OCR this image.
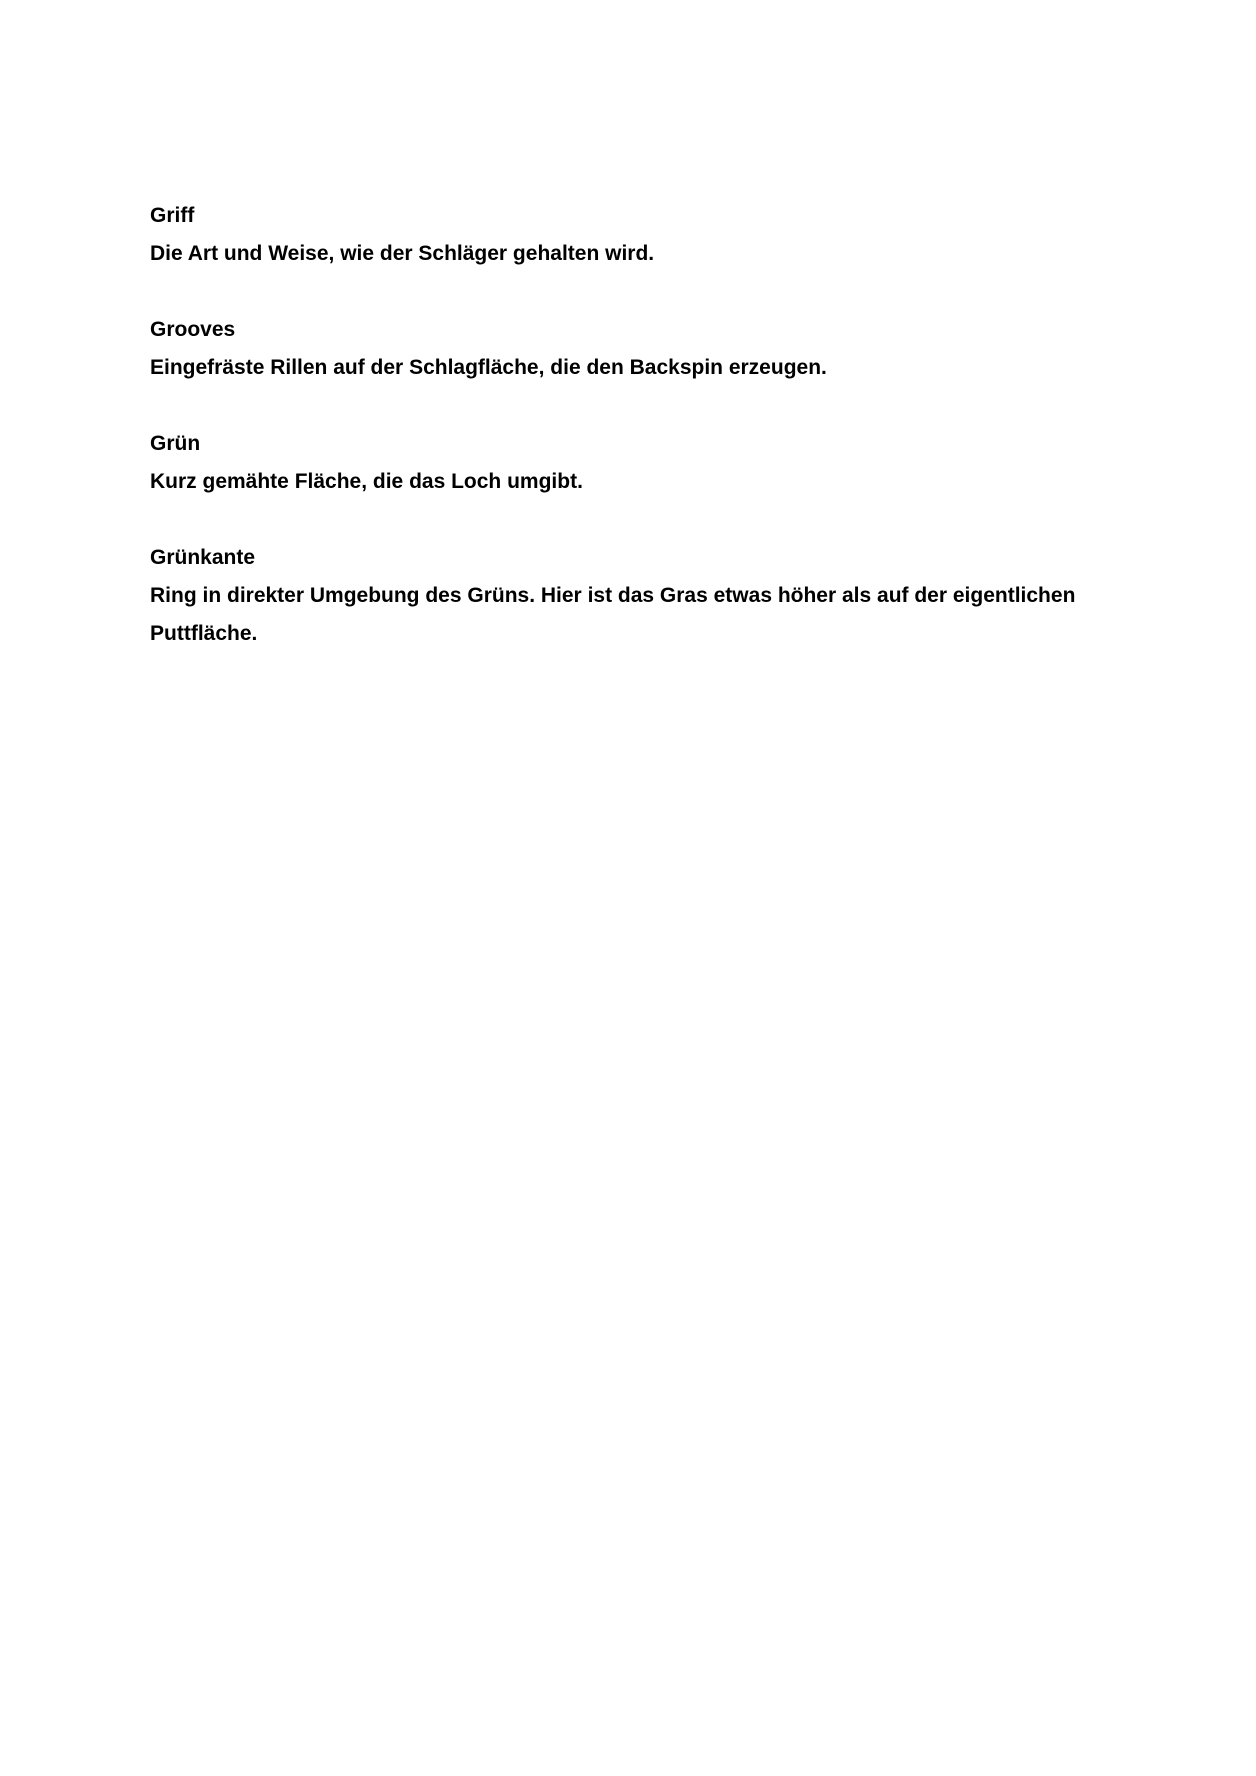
Griff

Die Art und Weise, wie der Schläger gehalten wird.

Grooves

Eingefräste Rillen auf der Schlagfläche, die den Backspin erzeugen.

Grün

Kurz gemähte Fläche, die das Loch umgibt.

Grünkante

Ring in direkter Umgebung des Grüns. Hier ist das Gras etwas höher als auf der eigentlichen Puttfläche.
